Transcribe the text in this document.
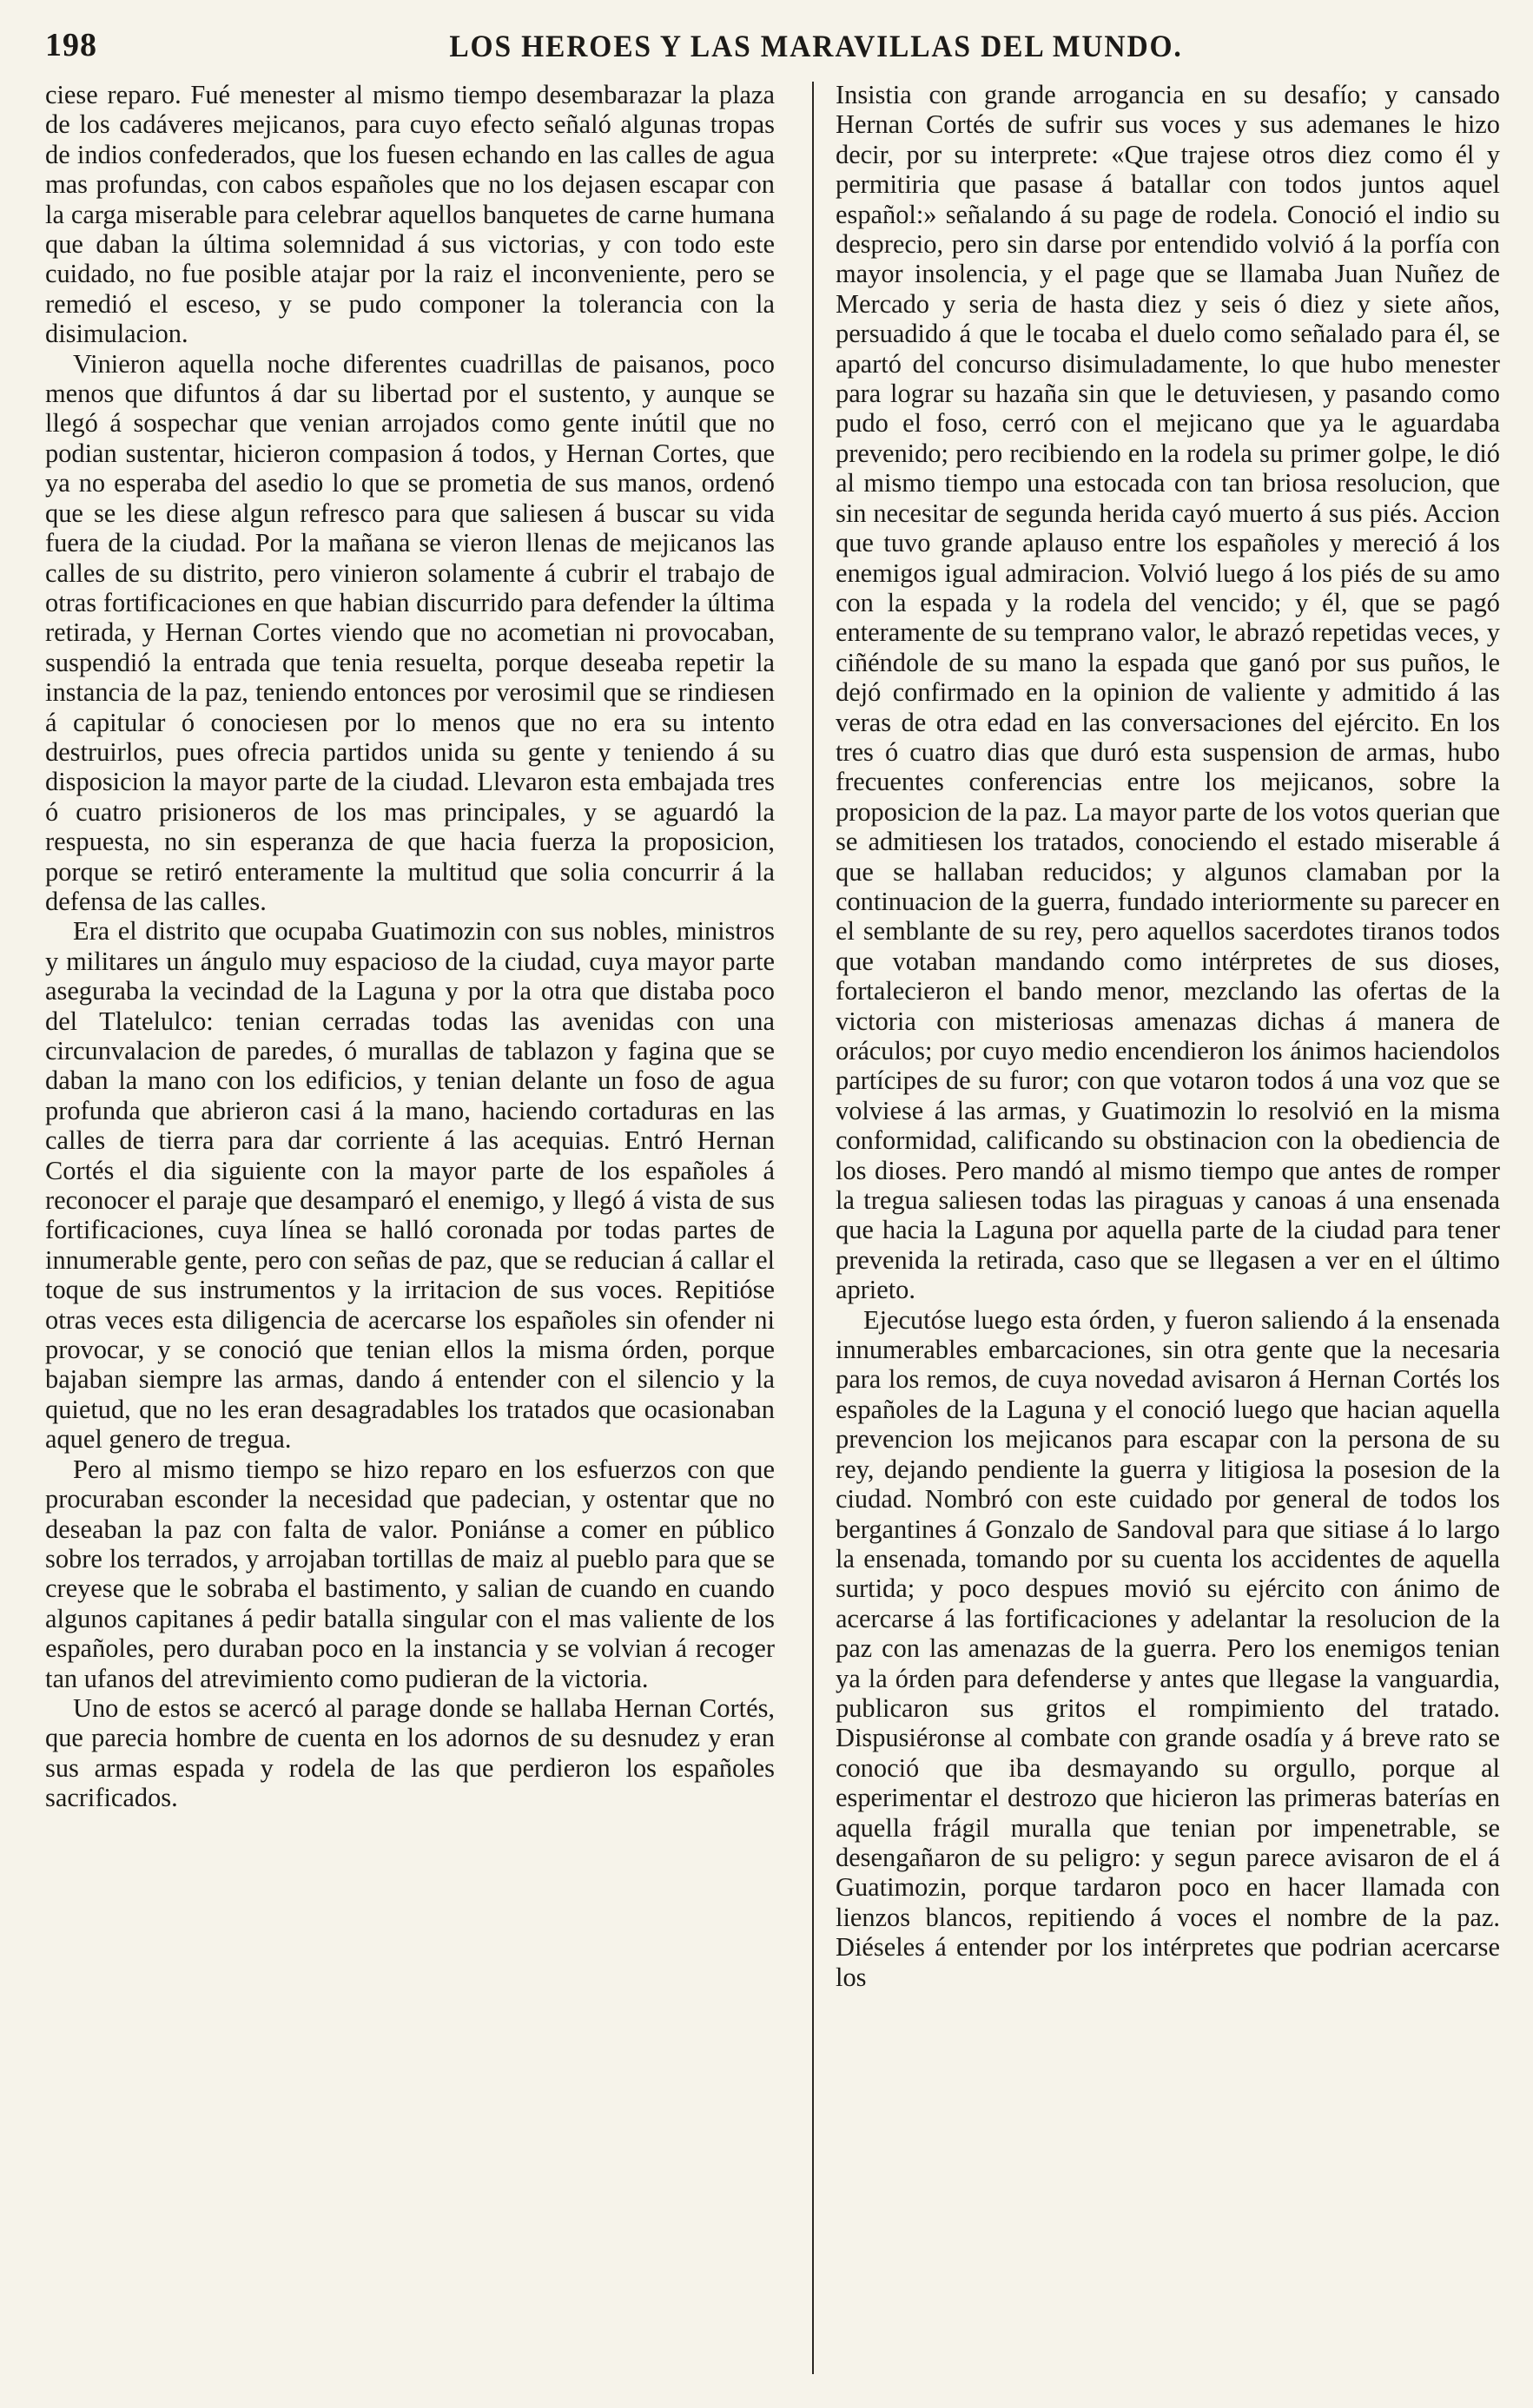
198	LOS HEROES Y LAS MARAVILLAS DEL MUNDO.

ciese reparo. Fué menester al mismo tiempo desembarazar la plaza de los cadáveres mejicanos, para cuyo efecto señaló algunas tropas de indios confederados, que los fuesen echando en las calles de agua mas profundas, con cabos españoles que no los dejasen escapar con la carga miserable para celebrar aquellos banquetes de carne humana que daban la última solemnidad á sus victorias, y con todo este cuidado, no fue posible atajar por la raiz el inconveniente, pero se remedió el esceso, y se pudo componer la tolerancia con la disimulacion.

Vinieron aquella noche diferentes cuadrillas de paisanos, poco menos que difuntos á dar su libertad por el sustento, y aunque se llegó á sospechar que venian arrojados como gente inútil que no podian sustentar, hicieron compasion á todos, y Hernan Cortes, que ya no esperaba del asedio lo que se prometia de sus manos, ordenó que se les diese algun refresco para que saliesen á buscar su vida fuera de la ciudad. Por la mañana se vieron llenas de mejicanos las calles de su distrito, pero vinieron solamente á cubrir el trabajo de otras fortificaciones en que habian discurrido para defender la última retirada, y Hernan Cortes viendo que no acometian ni provocaban, suspendió la entrada que tenia resuelta, porque deseaba repetir la instancia de la paz, teniendo entonces por verosimil que se rindiesen á capitular ó conociesen por lo menos que no era su intento destruirlos, pues ofrecia partidos unida su gente y teniendo á su disposicion la mayor parte de la ciudad. Llevaron esta embajada tres ó cuatro prisioneros de los mas principales, y se aguardó la respuesta, no sin esperanza de que hacia fuerza la proposicion, porque se retiró enteramente la multitud que solia concurrir á la defensa de las calles.

Era el distrito que ocupaba Guatimozin con sus nobles, ministros y militares un ángulo muy espacioso de la ciudad, cuya mayor parte aseguraba la vecindad de la Laguna y por la otra que distaba poco del Tlatelulco: tenian cerradas todas las avenidas con una circunvalacion de paredes, ó murallas de tablazon y fagina que se daban la mano con los edificios, y tenian delante un foso de agua profunda que abrieron casi á la mano, haciendo cortaduras en las calles de tierra para dar corriente á las acequias. Entró Hernan Cortés el dia siguiente con la mayor parte de los españoles á reconocer el paraje que desamparó el enemigo, y llegó á vista de sus fortificaciones, cuya línea se halló coronada por todas partes de innumerable gente, pero con señas de paz, que se reducian á callar el toque de sus instrumentos y la irritacion de sus voces. Repitióse otras veces esta diligencia de acercarse los españoles sin ofender ni provocar, y se conoció que tenian ellos la misma órden, porque bajaban siempre las armas, dando á entender con el silencio y la quietud, que no les eran desagradables los tratados que ocasionaban aquel genero de tregua.

Pero al mismo tiempo se hizo reparo en los esfuerzos con que procuraban esconder la necesidad que padecian, y ostentar que no deseaban la paz con falta de valor. Poniánse a comer en público sobre los terrados, y arrojaban tortillas de maiz al pueblo para que se creyese que le sobraba el bastimento, y salian de cuando en cuando algunos capitanes á pedir batalla singular con el mas valiente de los españoles, pero duraban poco en la instancia y se volvian á recoger tan ufanos del atrevimiento como pudieran de la victoria.

Uno de estos se acercó al parage donde se hallaba Hernan Cortés, que parecia hombre de cuenta en los adornos de su desnudez y eran sus armas espada y rodela de las que perdieron los españoles sacrificados.

Insistia con grande arrogancia en su desafío; y cansado Hernan Cortés de sufrir sus voces y sus ademanes le hizo decir, por su interprete: «Que trajese otros diez como él y permitiria que pasase á batallar con todos juntos aquel español:» señalando á su page de rodela. Conoció el indio su desprecio, pero sin darse por entendido volvió á la porfía con mayor insolencia, y el page que se llamaba Juan Nuñez de Mercado y seria de hasta diez y seis ó diez y siete años, persuadido á que le tocaba el duelo como señalado para él, se apartó del concurso disimuladamente, lo que hubo menester para lograr su hazaña sin que le detuviesen, y pasando como pudo el foso, cerró con el mejicano que ya le aguardaba prevenido; pero recibiendo en la rodela su primer golpe, le dió al mismo tiempo una estocada con tan briosa resolucion, que sin necesitar de segunda herida cayó muerto á sus piés. Accion que tuvo grande aplauso entre los españoles y mereció á los enemigos igual admiracion. Volvió luego á los piés de su amo con la espada y la rodela del vencido; y él, que se pagó enteramente de su temprano valor, le abrazó repetidas veces, y ciñéndole de su mano la espada que ganó por sus puños, le dejó confirmado en la opinion de valiente y admitido á las veras de otra edad en las conversaciones del ejército. En los tres ó cuatro dias que duró esta suspension de armas, hubo frecuentes conferencias entre los mejicanos, sobre la proposicion de la paz. La mayor parte de los votos querian que se admitiesen los tratados, conociendo el estado miserable á que se hallaban reducidos; y algunos clamaban por la continuacion de la guerra, fundado interiormente su parecer en el semblante de su rey, pero aquellos sacerdotes tiranos todos que votaban mandando como intérpretes de sus dioses, fortalecieron el bando menor, mezclando las ofertas de la victoria con misteriosas amenazas dichas á manera de oráculos; por cuyo medio encendieron los ánimos haciendolos partícipes de su furor; con que votaron todos á una voz que se volviese á las armas, y Guatimozin lo resolvió en la misma conformidad, calificando su obstinacion con la obediencia de los dioses. Pero mandó al mismo tiempo que antes de romper la tregua saliesen todas las piraguas y canoas á una ensenada que hacia la Laguna por aquella parte de la ciudad para tener prevenida la retirada, caso que se llegasen a ver en el último aprieto.

Ejecutóse luego esta órden, y fueron saliendo á la ensenada innumerables embarcaciones, sin otra gente que la necesaria para los remos, de cuya novedad avisaron á Hernan Cortés los españoles de la Laguna y el conoció luego que hacian aquella prevencion los mejicanos para escapar con la persona de su rey, dejando pendiente la guerra y litigiosa la posesion de la ciudad. Nombró con este cuidado por general de todos los bergantines á Gonzalo de Sandoval para que sitiase á lo largo la ensenada, tomando por su cuenta los accidentes de aquella surtida; y poco despues movió su ejército con ánimo de acercarse á las fortificaciones y adelantar la resolucion de la paz con las amenazas de la guerra. Pero los enemigos tenian ya la órden para defenderse y antes que llegase la vanguardia, publicaron sus gritos el rompimiento del tratado. Dispusiéronse al combate con grande osadía y á breve rato se conoció que iba desmayando su orgullo, porque al esperimentar el destrozo que hicieron las primeras baterías en aquella frágil muralla que tenian por impenetrable, se desengañaron de su peligro: y segun parece avisaron de el á Guatimozin, porque tardaron poco en hacer llamada con lienzos blancos, repitiendo á voces el nombre de la paz. Diéseles á entender por los intérpretes que podrian acercarse los
